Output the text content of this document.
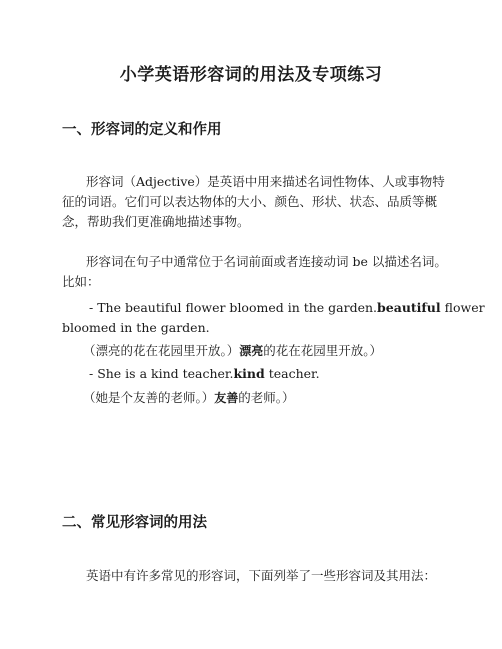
小学英语形容词的用法及专项练习
一、形容词的定义和作用
形容词（Adjective）是英语中用来描述名词性物体、人或事物特征的词语。它们可以表达物体的大小、颜色、形状、状态、品质等概念，帮助我们更准确地描述事物。
形容词在句子中通常位于名词前面或者连接动词 be 以描述名词。比如：
- The beautiful flower bloomed in the garden.beautiful flower
bloomed in the garden.
（漂亮的花在花园里开放。）漂亮的花在花园里开放。）
- She is a kind teacher.kind teacher.
（她是个友善的老师。）友善的老师。）
二、常见形容词的用法
英语中有许多常见的形容词，下面列举了一些形容词及其用法：
